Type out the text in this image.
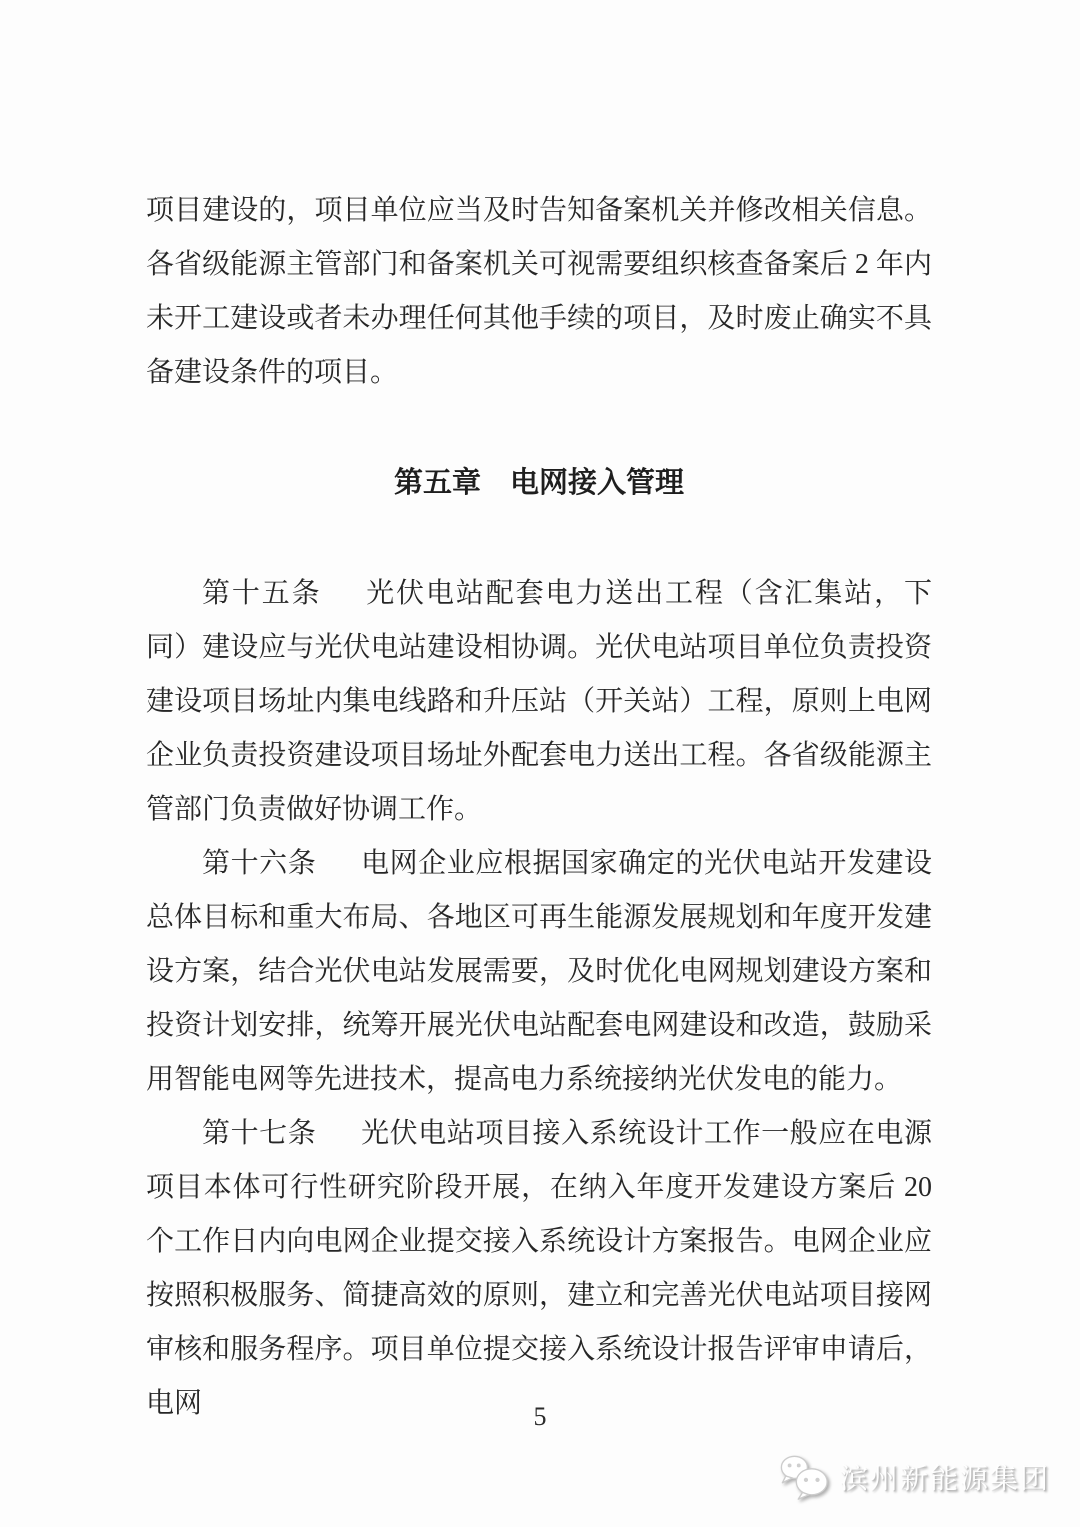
项目建设的，项目单位应当及时告知备案机关并修改相关信息。各省级能源主管部门和备案机关可视需要组织核查备案后 2 年内未开工建设或者未办理任何其他手续的项目，及时废止确实不具备建设条件的项目。

第五章　电网接入管理

第十五条 光伏电站配套电力送出工程（含汇集站，下同）建设应与光伏电站建设相协调。光伏电站项目单位负责投资建设项目场址内集电线路和升压站（开关站）工程，原则上电网企业负责投资建设项目场址外配套电力送出工程。各省级能源主管部门负责做好协调工作。

第十六条 电网企业应根据国家确定的光伏电站开发建设总体目标和重大布局、各地区可再生能源发展规划和年度开发建设方案，结合光伏电站发展需要，及时优化电网规划建设方案和投资计划安排，统筹开展光伏电站配套电网建设和改造，鼓励采用智能电网等先进技术，提高电力系统接纳光伏发电的能力。

第十七条 光伏电站项目接入系统设计工作一般应在电源项目本体可行性研究阶段开展，在纳入年度开发建设方案后 20 个工作日内向电网企业提交接入系统设计方案报告。电网企业应按照积极服务、简捷高效的原则，建立和完善光伏电站项目接网审核和服务程序。项目单位提交接入系统设计报告评审申请后，电网	5
滨州新能源集团
